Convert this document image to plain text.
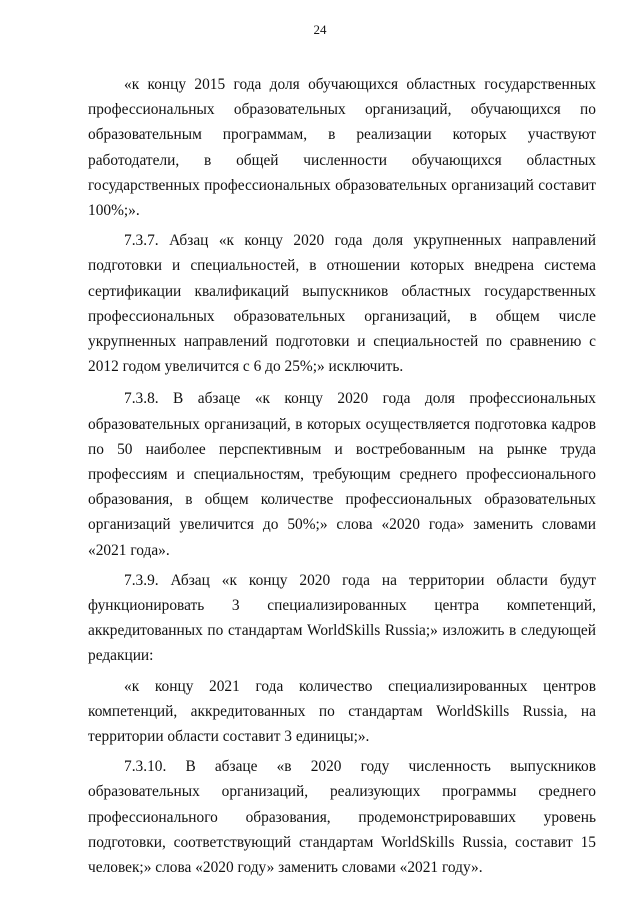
24

«к концу 2015 года доля обучающихся областных государственных профессиональных образовательных организаций, обучающихся по образовательным программам, в реализации которых участвуют работодатели, в общей численности обучающихся областных государственных профессиональных образовательных организаций составит 100%;».

7.3.7. Абзац «к концу 2020 года доля укрупненных направлений подготовки и специальностей, в отношении которых внедрена система сертификации квалификаций выпускников областных государственных профессиональных образовательных организаций, в общем числе укрупненных направлений подготовки и специальностей по сравнению с 2012 годом увеличится с 6 до 25%;» исключить.

7.3.8. В абзаце «к концу 2020 года доля профессиональных образовательных организаций, в которых осуществляется подготовка кадров по 50 наиболее перспективным и востребованным на рынке труда профессиям и специальностям, требующим среднего профессионального образования, в общем количестве профессиональных образовательных организаций увеличится до 50%;» слова «2020 года» заменить словами «2021 года».

7.3.9. Абзац «к концу 2020 года на территории области будут функционировать 3 специализированных центра компетенций, аккредитованных по стандартам WorldSkills Russia;» изложить в следующей редакции:

«к концу 2021 года количество специализированных центров компетенций, аккредитованных по стандартам WorldSkills Russia, на территории области составит 3 единицы;».

7.3.10. В абзаце «в 2020 году численность выпускников образовательных организаций, реализующих программы среднего профессионального образования, продемонстрировавших уровень подготовки, соответствующий стандартам WorldSkills Russia, составит 15 человек;» слова «2020 году» заменить словами «2021 году».
